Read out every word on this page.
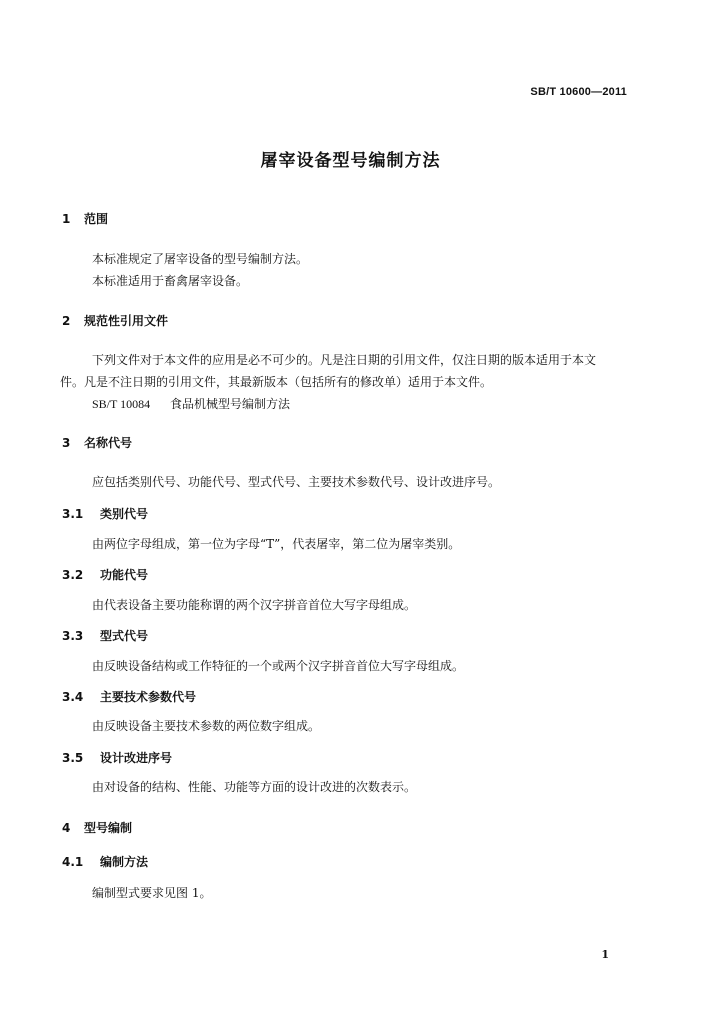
SB/T 10600—2011
屠宰设备型号编制方法
1 范围
本标准规定了屠宰设备的型号编制方法。
本标准适用于畜禽屠宰设备。
2 规范性引用文件
下列文件对于本文件的应用是必不可少的。凡是注日期的引用文件，仅注日期的版本适用于本文
件。凡是不注日期的引用文件，其最新版本（包括所有的修改单）适用于本文件。
SB/T 10084 食品机械型号编制方法
3 名称代号
应包括类别代号、功能代号、型式代号、主要技术参数代号、设计改进序号。
3.1 类别代号
由两位字母组成，第一位为字母“T”，代表屠宰，第二位为屠宰类别。
3.2 功能代号
由代表设备主要功能称谓的两个汉字拼音首位大写字母组成。
3.3 型式代号
由反映设备结构或工作特征的一个或两个汉字拼音首位大写字母组成。
3.4 主要技术参数代号
由反映设备主要技术参数的两位数字组成。
3.5 设计改进序号
由对设备的结构、性能、功能等方面的设计改进的次数表示。
4 型号编制
4.1 编制方法
编制型式要求见图 1。
1
